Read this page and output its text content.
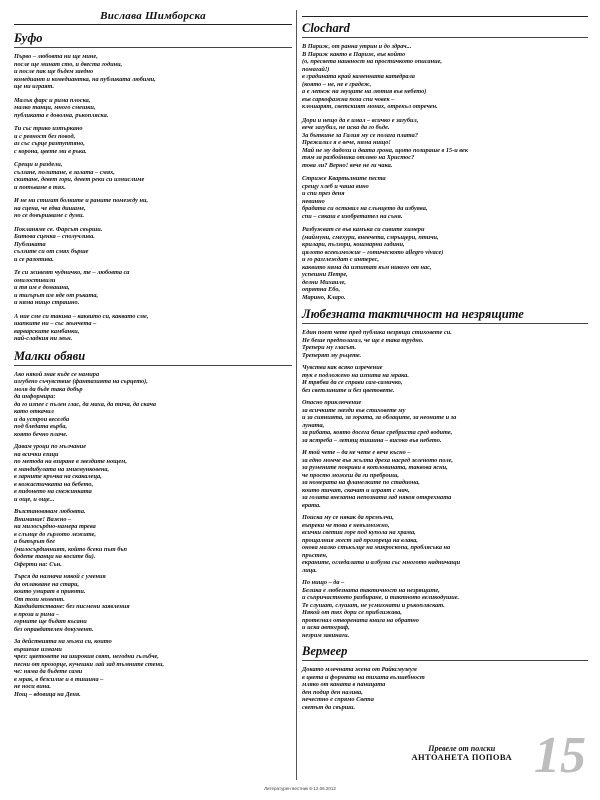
Вислава Шимборска
Буфо

Първо – любовта ни ще мине,
после ще минат сто, и двеста години,
и после пак ще бъдем заедно
комедиант и комедиантка, на публиката любими,
ще ни играят.

Малък фарс и рима плоска,
малко танци, много смешки,
публиката е доволна, ръкопляска.

Ти със трико изтъркано
и с ревност без повод,
аз със сърце разтуптяно,
с корона, цвете ми в ръка.

Срещи и раздели,
сълзане, политане, в залата – смях,
скитане, девет гори, девет реки си измислиме
и потъваме в тях.

И не ни стигат болките и раните помежду ни,
на сцена, че едва дишаме,
но се довършваме с думи.

Покланяме се. Фарсът свърши.
Битова сценка – сполучлива.
Публиката
сълзите си от смях бърше
и се разотива.

Те си живеят чудничко, те – любовта са
омилостивили
и тя им е домашна,
и тигърът им яде от ръката,
и няма нищо страшно.

А ние сме си такива – каквито си, каквато сме,
шапките ни – със звънчета –
варварските камбанки,
най-сладкия ни звън.

Малки обяви

Ако някой знае къде се намира
изгубено съчувствие (фантазията на сърцето),
моля да бъде така добър
да информира:
да го изпее с пълен глас, да маха, да тича, да скача
като откачил
и да устрои веселба
под бледата върба,
която бечно плаче.

Давам уроци по мълчание
на всички езици
по метода на взиране в звездите нощем,
в мандибулата на змиемунковена,
в зарните кръчка на скакалеца,
в кожастичката на бебето,
в пидонето на снежинката
и още, и още...

Възстановявам любовта.
Внимание! Важно –
на милосърдно-намера трева
в слънце до гърлото лежите,
а бътърът бее
(милосърдинният, който бсеки път бъп
бодете танци на косите би).
Оферти на: Сън.

Търся да назнача някой с умения
да оплакване на стари,
които умират в приюти.
От този момент.
Кандидатстване: без писмени заявления
в проза и рима –
горните ще бъдат късани
без оправдателен документ.

За действията на мъжа си, които
вършеше измами
чрез: цветовете на широкия свят, негодни гълъбче,
песни от прозорце, кучешки лай зад тъмните стени,
че: няма да бъдете сами
в мрак, в безсилие и в тишина –
не носи вина.
Нощ – вдовица на Деня.

Clochard

В Париж, от ранна утрин и до здрач...
В Париж както в Париж, във който
(о, пресвета наивност на простичкото описание,
помагай!)
в градината край каменната катедрала
(която – не, не е градеж,
а е летеж на звуците на лютия във небето)
във саркофажна поза спи човек –
клошарят, светският монах, отрекъл отречен.

Дори и нещо да е имал – всичко е загубил,
вече загубил, не иска да го бъде.
За бъткине за Галия му се полага плата?
Прежалил я е вече, няма нищо!
Май не му дадохи и двата грона, щото позираше в 15-и век
тям за разбойника отляво на Христос?
това ли? Верно! вече не ги чака.

Стриже Квартьлните песта
срещу хлеб и чаша вино
и спи през деня
невинно
брадата си оставил на слънцето да избуява,
спи – сякаш е изобретател на съня.

Разбужват се във камъка си сивите химери
(маймуни, смехури, вневчета, смръщери, птичи,
крилари, пълзори, кошмарни гадини,
цялото всевъзможие – готическото allegro vivace)
и го разглеждат с интерес,
каквито няма да изпитат към никого от нас,
успешни Петре,
делни Михаиле,
опрятна Ебо,
Марино, Кларо.

Любезната тактичност на незрящите

Един поет чете пред публика незрящи стиховете си.
Не беше предполагал, че ще е така трудно.
Трепери му гласът.
Треперят му ръцете.

Чувства как всяко изречение
тук е подложено на изпита на мрака.
И трябва да се справи сам-самичко,
без светлините и без цветовете.

Опасно приключение
за всичките звезди във стиховете му
и за сиянията, за зората, за облаците, за неоните и за
луната,
за рибата, която досега беше сребриста сред водите,
за ястреба – летящ тишина – високо във небето.

И той чете – да не чете е вече късно –
за едно момче във жълта дреха насред зеленото поле,
за румените покриви в котловината, таквова ясни,
че просто можеш да ги преброиш,
за номерата на фланелките по стадиона,
които тичат, скачат и играят с мач,
за голата внезапна непозната зад някоя открехната
врата.

Поиска му се някак да премълчи,
въпреки че това е невъзможно,
всички светии горе под купола на храма,
прощалния жест зад прозореца на влака,
онова малко стъкълце на микроскопа, проблясъка на
пръстен,
екраните, огледалата и албума със многото надничащи
лица.

По нищо – да –
Белика е любезната тактичност на незрящите,
и съпричастното разбиране, и тактното великодушие.
Те слушат, слушат, не усмихнати и ръкопляскат.
Някой от тях дори се приближава,
протегнал отворената книга на обратно
и иска автограф,
незрим завинаги.

Вермеер

Докато млечната жена от Райксмузеум
в цвета и формата на тихата вълшебност
мляко от каната в паницата
ден подир ден налива,
нечестно е спрямо Света
светът да свърши.

Превеле от полски
АНТОАНЕТА ПОПОВА 15
Литературен вестник 6-12.06.2012
